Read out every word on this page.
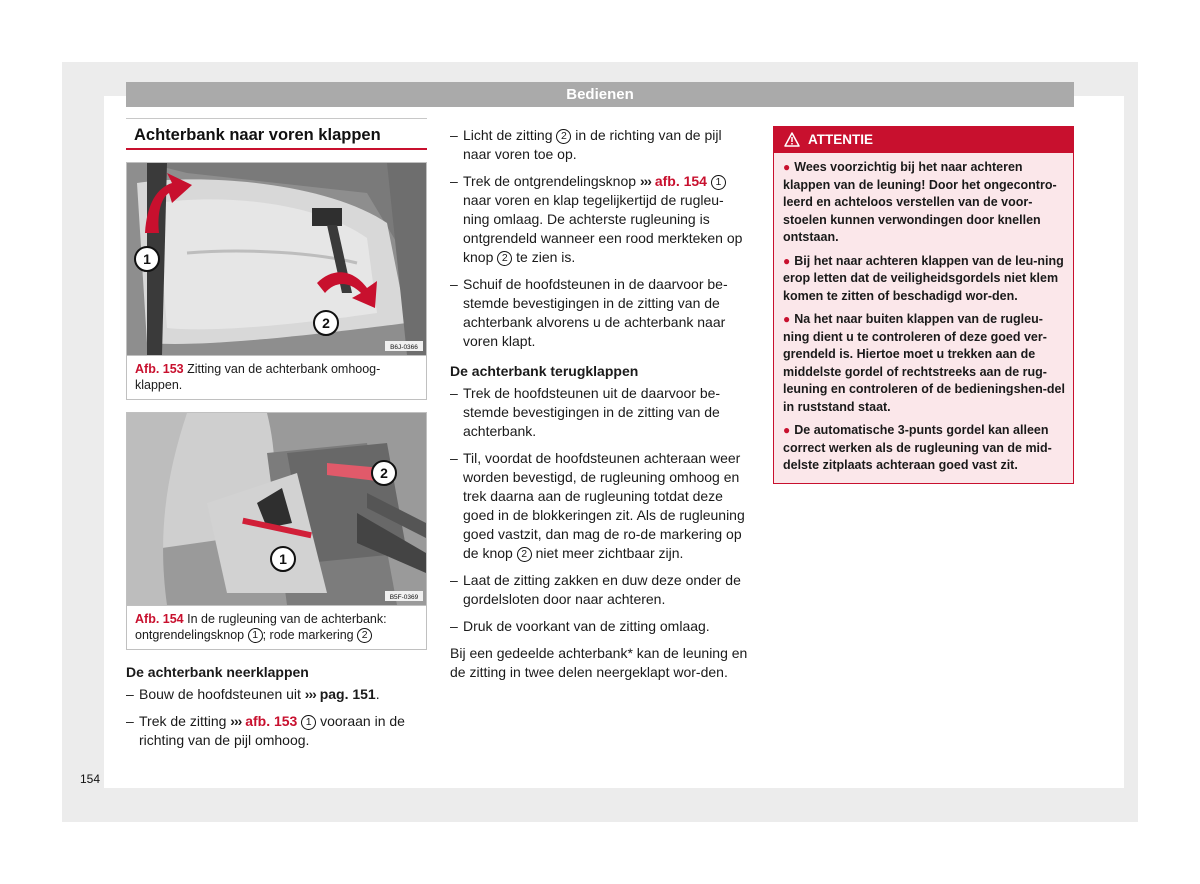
Bedienen
Achterbank naar voren klappen
1
2
B6J-0366
Afb. 153 Zitting van de achterbank omhoog-klappen.
2
1
B5F-0369
Afb. 154 In de rugleuning van de achterbank: ontgrendelingsknop 1 ; rode markering 2
De achterbank neerklappen
– Bouw de hoofdsteunen uit ››› pag. 151.
– Trek de zitting ››› afb. 153 1 vooraan in de richting van de pijl omhoog.
– Licht de zitting 2 in de richting van de pijl naar voren toe op.
– Trek de ontgrendelingsknop ››› afb. 154 1 naar voren en klap tegelijkertijd de rugleu-ning omlaag. De achterste rugleuning is ontgrendeld wanneer een rood merkteken op knop 2 te zien is.
– Schuif de hoofdsteunen in de daarvoor be-stemde bevestigingen in de zitting van de achterbank alvorens u de achterbank naar voren klapt.
De achterbank terugklappen
– Trek de hoofdsteunen uit de daarvoor be-stemde bevestigingen in de zitting van de achterbank.
– Til, voordat de hoofdsteunen achteraan weer worden bevestigd, de rugleuning omhoog en trek daarna aan de rugleuning totdat deze goed in de blokkeringen zit. Als de rugleuning goed vastzit, dan mag de ro-de markering op de knop 2 niet meer zichtbaar zijn.
– Laat de zitting zakken en duw deze onder de gordelsloten door naar achteren.
– Druk de voorkant van de zitting omlaag.

Bij een gedeelde achterbank* kan de leuning en de zitting in twee delen neergeklapt wor-den.

ATTENTIE

● Wees voorzichtig bij het naar achteren klappen van de leuning! Door het ongecontro-leerd en achteloos verstellen van de voor-stoelen kunnen verwondingen door knellen ontstaan.

● Bij het naar achteren klappen van de leu-ning erop letten dat de veiligheidsgordels niet klem komen te zitten of beschadigd wor-den.

● Na het naar buiten klappen van de rugleu-ning dient u te controleren of deze goed ver-grendeld is. Hiertoe moet u trekken aan de middelste gordel of rechtstreeks aan de rug-leuning en controleren of de bedieningshen-del in ruststand staat.

● De automatische 3-punts gordel kan alleen correct werken als de rugleuning van de mid-delste zitplaats achteraan goed vast zit.

154
